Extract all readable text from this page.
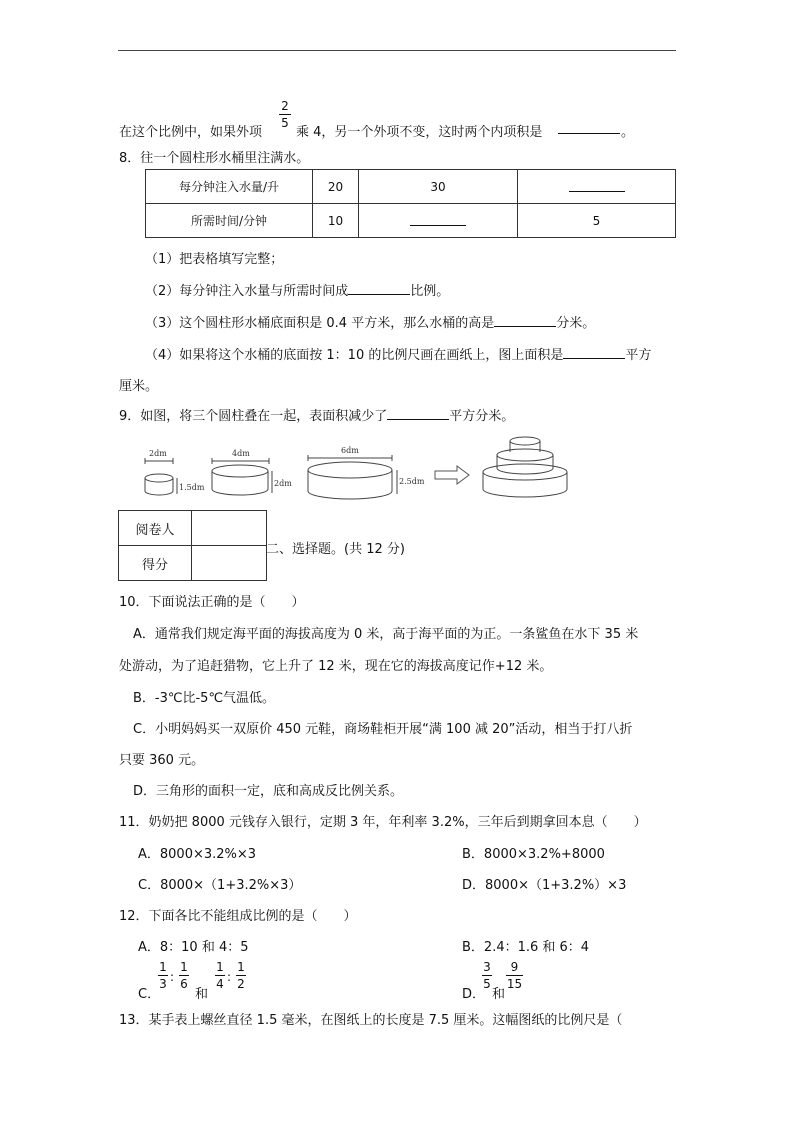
在这个比例中，如果外项
2
5
乘 4，另一个外项不变，这时两个内项积是	。
8．往一个圆柱形水桶里注满水。
每分钟注入水量/升	20	30	
所需时间/分钟	10		5
（1）把表格填写完整；
（2）每分钟注入水量与所需时间成	比例。
（3）这个圆柱形水桶底面积是 0.4 平方米，那么水桶的高是	分米。
（4）如果将这个水桶的底面按 1：10 的比例尺画在画纸上，图上面积是	平方
厘米。
9．如图，将三个圆柱叠在一起，表面积减少了	平方分米。
2dm
1.5dm
4dm
2dm
6dm
2.5dm
阅卷人	
得分	
二、选择题。(共 12 分)
10．下面说法正确的是（　　）
A．通常我们规定海平面的海拔高度为 0 米，高于海平面的为正。一条鲨鱼在水下 35 米
处游动，为了追赶猎物，它上升了 12 米，现在它的海拔高度记作+12 米。
B．-3℃比-5℃气温低。
C．小明妈妈买一双原价 450 元鞋，商场鞋柜开展“满 100 减 20”活动，相当于打八折
只要 360 元。
D．三角形的面积一定，底和高成反比例关系。
11．奶奶把 8000 元钱存入银行，定期 3 年，年利率 3.2%，三年后到期拿回本息（　　）
A．8000×3.2%×3	B．8000×3.2%+8000
C．8000×（1+3.2%×3）	D．8000×（1+3.2%）×3
12．下面各比不能组成比例的是（　　）
A．8：10 和 4：5	B．2.4：1.6 和 6：4
C．
1
3 :
1
6
和
1
4 :
1
2
D．
3
5
和
9
15
13．某手表上螺丝直径 1.5 毫米，在图纸上的长度是 7.5 厘米。这幅图纸的比例尺是（
